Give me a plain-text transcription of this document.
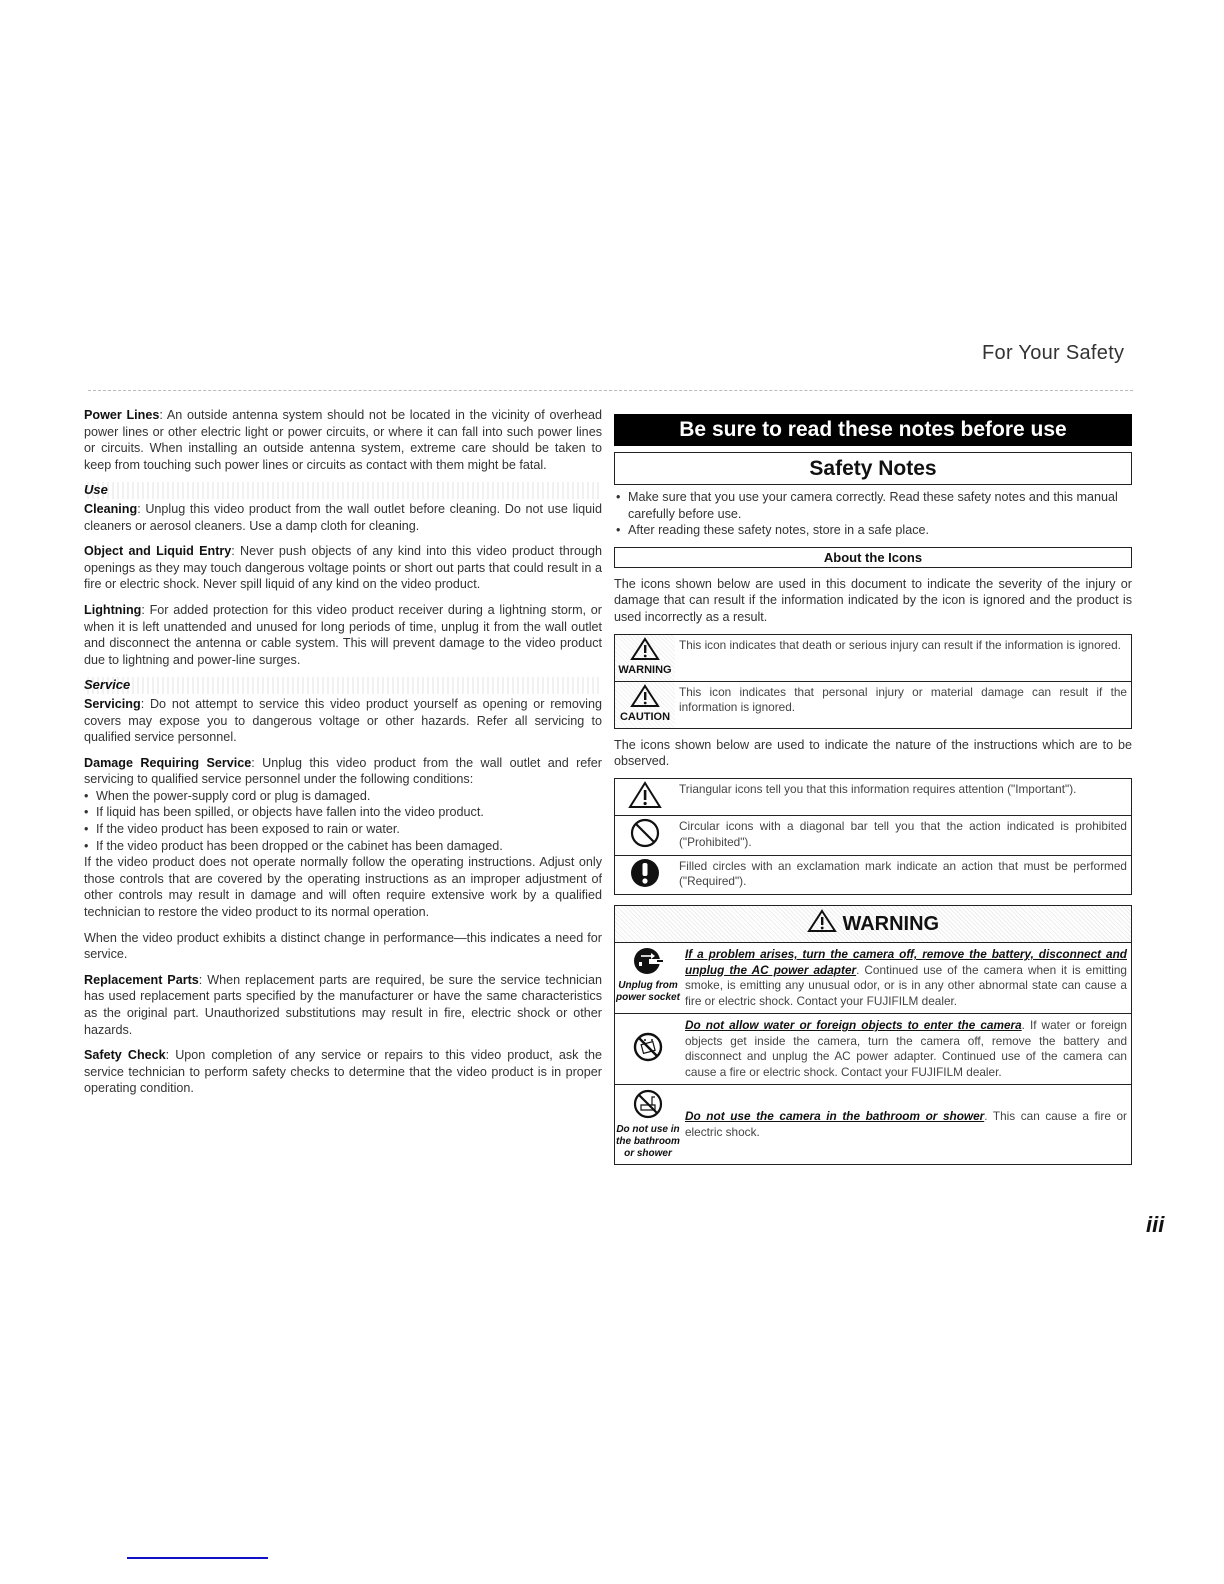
For Your Safety

Power Lines: An outside antenna system should not be located in the vicinity of overhead power lines or other electric light or power circuits, or where it can fall into such power lines or circuits. When installing an outside antenna system, extreme care should be taken to keep from touching such power lines or circuits as contact with them might be fatal.

Use

Cleaning: Unplug this video product from the wall outlet before cleaning. Do not use liquid cleaners or aerosol cleaners. Use a damp cloth for cleaning.

Object and Liquid Entry: Never push objects of any kind into this video product through openings as they may touch dangerous voltage points or short out parts that could result in a fire or electric shock. Never spill liquid of any kind on the video product.

Lightning: For added protection for this video product receiver during a lightning storm, or when it is left unattended and unused for long periods of time, unplug it from the wall outlet and disconnect the antenna or cable system. This will prevent damage to the video product due to lightning and power-line surges.

Service

Servicing: Do not attempt to service this video product yourself as opening or removing covers may expose you to dangerous voltage or other hazards. Refer all servicing to qualified service personnel.

Damage Requiring Service: Unplug this video product from the wall outlet and refer servicing to qualified service personnel under the following conditions:
• When the power-supply cord or plug is damaged.
• If liquid has been spilled, or objects have fallen into the video product.
• If the video product has been exposed to rain or water.
• If the video product has been dropped or the cabinet has been damaged.
If the video product does not operate normally follow the operating instructions. Adjust only those controls that are covered by the operating instructions as an improper adjustment of other controls may result in damage and will often require extensive work by a qualified technician to restore the video product to its normal operation.

When the video product exhibits a distinct change in performance—this indicates a need for service.

Replacement Parts: When replacement parts are required, be sure the service technician has used replacement parts specified by the manufacturer or have the same characteristics as the original part. Unauthorized substitutions may result in fire, electric shock or other hazards.

Safety Check: Upon completion of any service or repairs to this video product, ask the service technician to perform safety checks to determine that the video product is in proper operating condition.

Be sure to read these notes before use
Safety Notes
• Make sure that you use your camera correctly. Read these safety notes and this manual carefully before use.
• After reading these safety notes, store in a safe place.
About the Icons
The icons shown below are used in this document to indicate the severity of the injury or damage that can result if the information indicated by the icon is ignored and the product is used incorrectly as a result.
WARNING	This icon indicates that death or serious injury can result if the information is ignored.

CAUTION	This icon indicates that personal injury or material damage can result if the information is ignored.
The icons shown below are used to indicate the nature of the instructions which are to be observed.
	Triangular icons tell you that this information requires attention ("Important").
	Circular icons with a diagonal bar tell you that the action indicated is prohibited ("Prohibited").
	Filled circles with an exclamation mark indicate an action that must be performed ("Required").
WARNING
Unplug from power socket	If a problem arises, turn the camera off, remove the battery, disconnect and unplug the AC power adapter. Continued use of the camera when it is emitting smoke, is emitting any unusual odor, or is in any other abnormal state can cause a fire or electric shock. Contact your FUJIFILM dealer.
	Do not allow water or foreign objects to enter the camera. If water or foreign objects get inside the camera, turn the camera off, remove the battery and disconnect and unplug the AC power adapter. Continued use of the camera can cause a fire or electric shock. Contact your FUJIFILM dealer.

Do not use in the bathroom or shower	Do not use the camera in the bathroom or shower. This can cause a fire or electric shock.
iii
